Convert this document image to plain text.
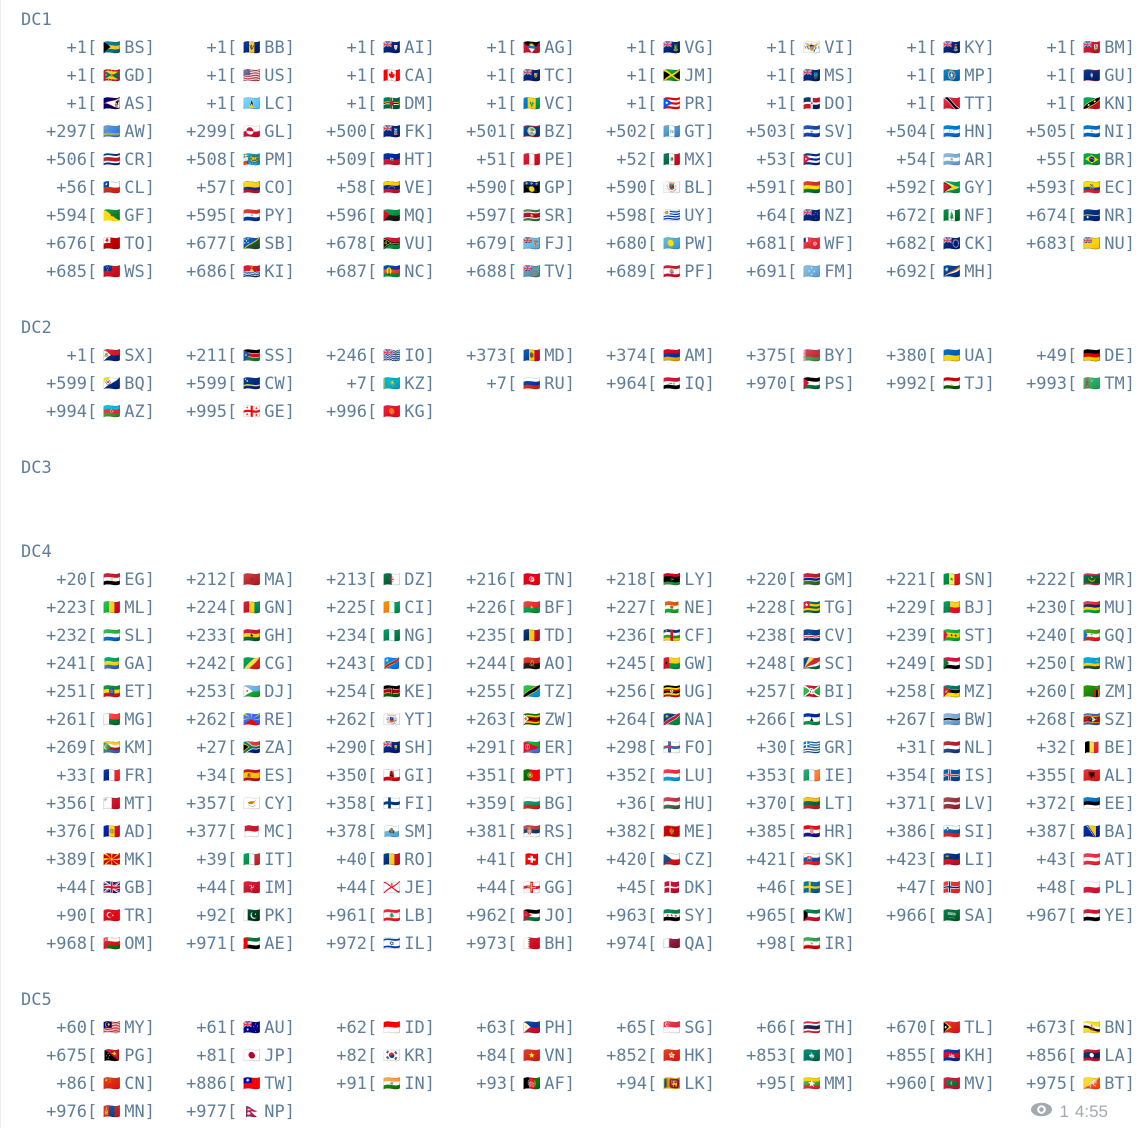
DC1
+1 [ 🇧🇸 BS ]	+1 [ 🇧🇧 BB ]	+1 [ 🇦🇮 AI ]	+1 [ 🇦🇬 AG ]	+1 [ 🇻🇬 VG ]	+1 [ 🇻🇮 VI ]	+1 [ 🇰🇾 KY ]	+1 [ 🇧🇲 BM ]
+1 [ 🇬🇩 GD ]	+1 [ 🇺🇸 US ]	+1 [ 🇨🇦 CA ]	+1 [ 🇹🇨 TC ]	+1 [ 🇯🇲 JM ]	+1 [ 🇲🇸 MS ]	+1 [ 🇲🇵 MP ]	+1 [ 🇬🇺 GU ]
+1 [ 🇦🇸 AS ]	+1 [ 🇱🇨 LC ]	+1 [ 🇩🇲 DM ]	+1 [ 🇻🇨 VC ]	+1 [ 🇵🇷 PR ]	+1 [ 🇩🇴 DO ]	+1 [ 🇹🇹 TT ]	+1 [ 🇰🇳 KN ]
+297 [ 🇦🇼 AW ]	+299 [ 🇬🇱 GL ]	+500 [ 🇫🇰 FK ]	+501 [ 🇧🇿 BZ ]	+502 [ 🇬🇹 GT ]	+503 [ 🇸🇻 SV ]	+504 [ 🇭🇳 HN ]	+505 [ 🇳🇮 NI ]
+506 [ 🇨🇷 CR ]	+508 [ 🇵🇲 PM ]	+509 [ 🇭🇹 HT ]	+51 [ 🇵🇪 PE ]	+52 [ 🇲🇽 MX ]	+53 [ 🇨🇺 CU ]	+54 [ 🇦🇷 AR ]	+55 [ 🇧🇷 BR ]
+56 [ 🇨🇱 CL ]	+57 [ 🇨🇴 CO ]	+58 [ 🇻🇪 VE ]	+590 [ 🇬🇵 GP ]	+590 [ 🇧🇱 BL ]	+591 [ 🇧🇴 BO ]	+592 [ 🇬🇾 GY ]	+593 [ 🇪🇨 EC ]
+594 [ 🇬🇫 GF ]	+595 [ 🇵🇾 PY ]	+596 [ 🇲🇶 MQ ]	+597 [ 🇸🇷 SR ]	+598 [ 🇺🇾 UY ]	+64 [ 🇳🇿 NZ ]	+672 [ 🇳🇫 NF ]	+674 [ 🇳🇷 NR ]
+676 [ 🇹🇴 TO ]	+677 [ 🇸🇧 SB ]	+678 [ 🇻🇺 VU ]	+679 [ 🇫🇯 FJ ]	+680 [ 🇵🇼 PW ]	+681 [ 🇼🇫 WF ]	+682 [ 🇨🇰 CK ]	+683 [ 🇳🇺 NU ]
+685 [ 🇼🇸 WS ]	+686 [ 🇰🇮 KI ]	+687 [ 🇳🇨 NC ]	+688 [ 🇹🇻 TV ]	+689 [ 🇵🇫 PF ]	+691 [ 🇫🇲 FM ]	+692 [ 🇲🇭 MH ]
DC2
+1 [ 🇸🇽 SX ]	+211 [ 🇸🇸 SS ]	+246 [ 🇮🇴 IO ]	+373 [ 🇲🇩 MD ]	+374 [ 🇦🇲 AM ]	+375 [ 🇧🇾 BY ]	+380 [ 🇺🇦 UA ]	+49 [ 🇩🇪 DE ]
+599 [ 🇧🇶 BQ ]	+599 [ 🇨🇼 CW ]	+7 [ 🇰🇿 KZ ]	+7 [ 🇷🇺 RU ]	+964 [ 🇮🇶 IQ ]	+970 [ 🇵🇸 PS ]	+992 [ 🇹🇯 TJ ]	+993 [ 🇹🇲 TM ]
+994 [ 🇦🇿 AZ ]	+995 [ 🇬🇪 GE ]	+996 [ 🇰🇬 KG ]
DC3
DC4
+20 [ 🇪🇬 EG ]	+212 [ 🇲🇦 MA ]	+213 [ 🇩🇿 DZ ]	+216 [ 🇹🇳 TN ]	+218 [ 🇱🇾 LY ]	+220 [ 🇬🇲 GM ]	+221 [ 🇸🇳 SN ]	+222 [ 🇲🇷 MR ]
+223 [ 🇲🇱 ML ]	+224 [ 🇬🇳 GN ]	+225 [ 🇨🇮 CI ]	+226 [ 🇧🇫 BF ]	+227 [ 🇳🇪 NE ]	+228 [ 🇹🇬 TG ]	+229 [ 🇧🇯 BJ ]	+230 [ 🇲🇺 MU ]
+232 [ 🇸🇱 SL ]	+233 [ 🇬🇭 GH ]	+234 [ 🇳🇬 NG ]	+235 [ 🇹🇩 TD ]	+236 [ 🇨🇫 CF ]	+238 [ 🇨🇻 CV ]	+239 [ 🇸🇹 ST ]	+240 [ 🇬🇶 GQ ]
+241 [ 🇬🇦 GA ]	+242 [ 🇨🇬 CG ]	+243 [ 🇨🇩 CD ]	+244 [ 🇦🇴 AO ]	+245 [ 🇬🇼 GW ]	+248 [ 🇸🇨 SC ]	+249 [ 🇸🇩 SD ]	+250 [ 🇷🇼 RW ]
+251 [ 🇪🇹 ET ]	+253 [ 🇩🇯 DJ ]	+254 [ 🇰🇪 KE ]	+255 [ 🇹🇿 TZ ]	+256 [ 🇺🇬 UG ]	+257 [ 🇧🇮 BI ]	+258 [ 🇲🇿 MZ ]	+260 [ 🇿🇲 ZM ]
+261 [ 🇲🇬 MG ]	+262 [ 🇷🇪 RE ]	+262 [ 🇾🇹 YT ]	+263 [ 🇿🇼 ZW ]	+264 [ 🇳🇦 NA ]	+266 [ 🇱🇸 LS ]	+267 [ 🇧🇼 BW ]	+268 [ 🇸🇿 SZ ]
+269 [ 🇰🇲 KM ]	+27 [ 🇿🇦 ZA ]	+290 [ 🇸🇭 SH ]	+291 [ 🇪🇷 ER ]	+298 [ 🇫🇴 FO ]	+30 [ 🇬🇷 GR ]	+31 [ 🇳🇱 NL ]	+32 [ 🇧🇪 BE ]
+33 [ 🇫🇷 FR ]	+34 [ 🇪🇸 ES ]	+350 [ 🇬🇮 GI ]	+351 [ 🇵🇹 PT ]	+352 [ 🇱🇺 LU ]	+353 [ 🇮🇪 IE ]	+354 [ 🇮🇸 IS ]	+355 [ 🇦🇱 AL ]
+356 [ 🇲🇹 MT ]	+357 [ 🇨🇾 CY ]	+358 [ 🇫🇮 FI ]	+359 [ 🇧🇬 BG ]	+36 [ 🇭🇺 HU ]	+370 [ 🇱🇹 LT ]	+371 [ 🇱🇻 LV ]	+372 [ 🇪🇪 EE ]
+376 [ 🇦🇩 AD ]	+377 [ 🇲🇨 MC ]	+378 [ 🇸🇲 SM ]	+381 [ 🇷🇸 RS ]	+382 [ 🇲🇪 ME ]	+385 [ 🇭🇷 HR ]	+386 [ 🇸🇮 SI ]	+387 [ 🇧🇦 BA ]
+389 [ 🇲🇰 MK ]	+39 [ 🇮🇹 IT ]	+40 [ 🇷🇴 RO ]	+41 [ 🇨🇭 CH ]	+420 [ 🇨🇿 CZ ]	+421 [ 🇸🇰 SK ]	+423 [ 🇱🇮 LI ]	+43 [ 🇦🇹 AT ]
+44 [ 🇬🇧 GB ]	+44 [ 🇮🇲 IM ]	+44 [ 🇯🇪 JE ]	+44 [ 🇬🇬 GG ]	+45 [ 🇩🇰 DK ]	+46 [ 🇸🇪 SE ]	+47 [ 🇳🇴 NO ]	+48 [ 🇵🇱 PL ]
+90 [ 🇹🇷 TR ]	+92 [ 🇵🇰 PK ]	+961 [ 🇱🇧 LB ]	+962 [ 🇯🇴 JO ]	+963 [ 🇸🇾 SY ]	+965 [ 🇰🇼 KW ]	+966 [ 🇸🇦 SA ]	+967 [ 🇾🇪 YE ]
+968 [ 🇴🇲 OM ]	+971 [ 🇦🇪 AE ]	+972 [ 🇮🇱 IL ]	+973 [ 🇧🇭 BH ]	+974 [ 🇶🇦 QA ]	+98 [ 🇮🇷 IR ]
DC5
+60 [ 🇲🇾 MY ]	+61 [ 🇦🇺 AU ]	+62 [ 🇮🇩 ID ]	+63 [ 🇵🇭 PH ]	+65 [ 🇸🇬 SG ]	+66 [ 🇹🇭 TH ]	+670 [ 🇹🇱 TL ]	+673 [ 🇧🇳 BN ]
+675 [ 🇵🇬 PG ]	+81 [ 🇯🇵 JP ]	+82 [ 🇰🇷 KR ]	+84 [ 🇻🇳 VN ]	+852 [ 🇭🇰 HK ]	+853 [ 🇲🇴 MO ]	+855 [ 🇰🇭 KH ]	+856 [ 🇱🇦 LA ]
+86 [ 🇨🇳 CN ]	+886 [ 🇹🇼 TW ]	+91 [ 🇮🇳 IN ]	+93 [ 🇦🇫 AF ]	+94 [ 🇱🇰 LK ]	+95 [ 🇲🇲 MM ]	+960 [ 🇲🇻 MV ]	+975 [ 🇧🇹 BT ]
+976 [ 🇲🇳 MN ]	+977 [ 🇳🇵 NP ]	1 4:55
